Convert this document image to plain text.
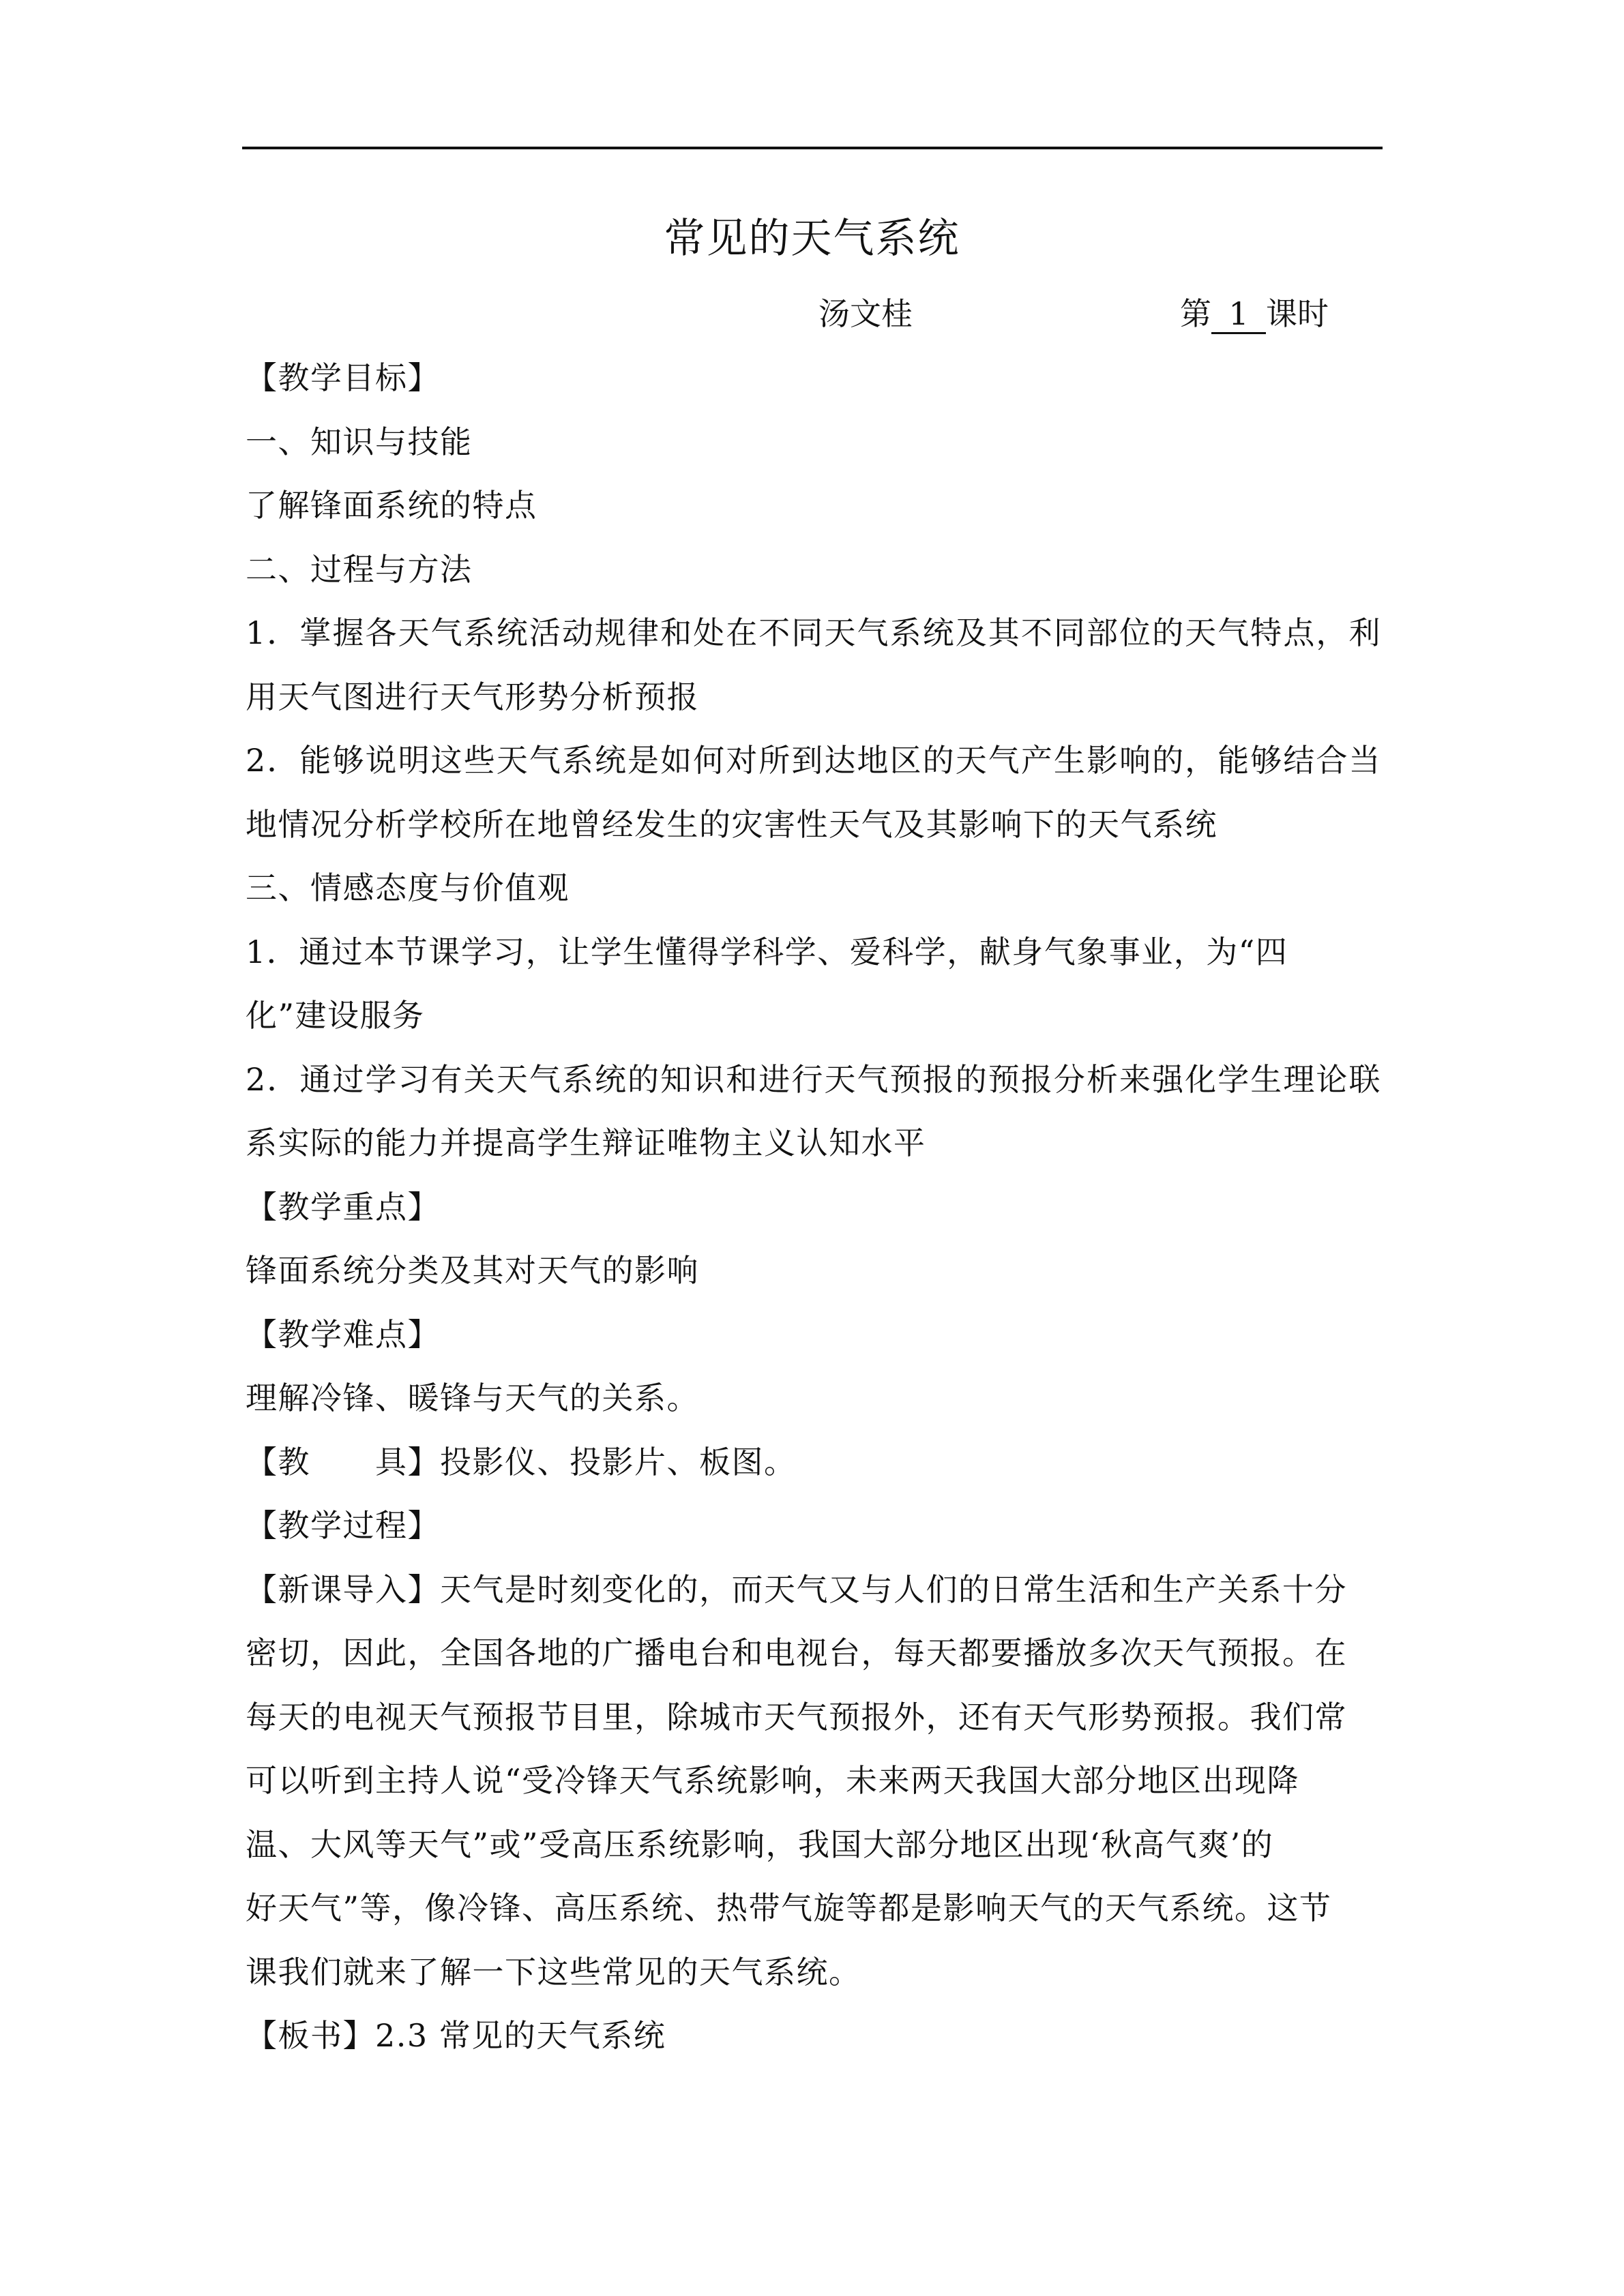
常见的天气系统
汤文桂	第 1 课时

【教学目标】

一、知识与技能

了解锋面系统的特点

二、过程与方法

1．掌握各天气系统活动规律和处在不同天气系统及其不同部位的天气特点，利用天气图进行天气形势分析预报

2．能够说明这些天气系统是如何对所到达地区的天气产生影响的，能够结合当地情况分析学校所在地曾经发生的灾害性天气及其影响下的天气系统

三、情感态度与价值观

1．通过本节课学习，让学生懂得学科学、爱科学，献身气象事业，为“四

化”建设服务

2．通过学习有关天气系统的知识和进行天气预报的预报分析来强化学生理论联系实际的能力并提高学生辩证唯物主义认知水平

【教学重点】

锋面系统分类及其对天气的影响

【教学难点】

理解冷锋、暖锋与天气的关系。

【教 具】投影仪、投影片、板图。

【教学过程】

【新课导入】天气是时刻变化的，而天气又与人们的日常生活和生产关系十分

密切，因此，全国各地的广播电台和电视台，每天都要播放多次天气预报。在

每天的电视天气预报节目里，除城市天气预报外，还有天气形势预报。我们常

可以听到主持人说“受冷锋天气系统影响，未来两天我国大部分地区出现降

温、大风等天气”或”受高压系统影响，我国大部分地区出现‘秋高气爽’的

好天气”等，像冷锋、高压系统、热带气旋等都是影响天气的天气系统。这节

课我们就来了解一下这些常见的天气系统。

【板书】2.3 常见的天气系统
